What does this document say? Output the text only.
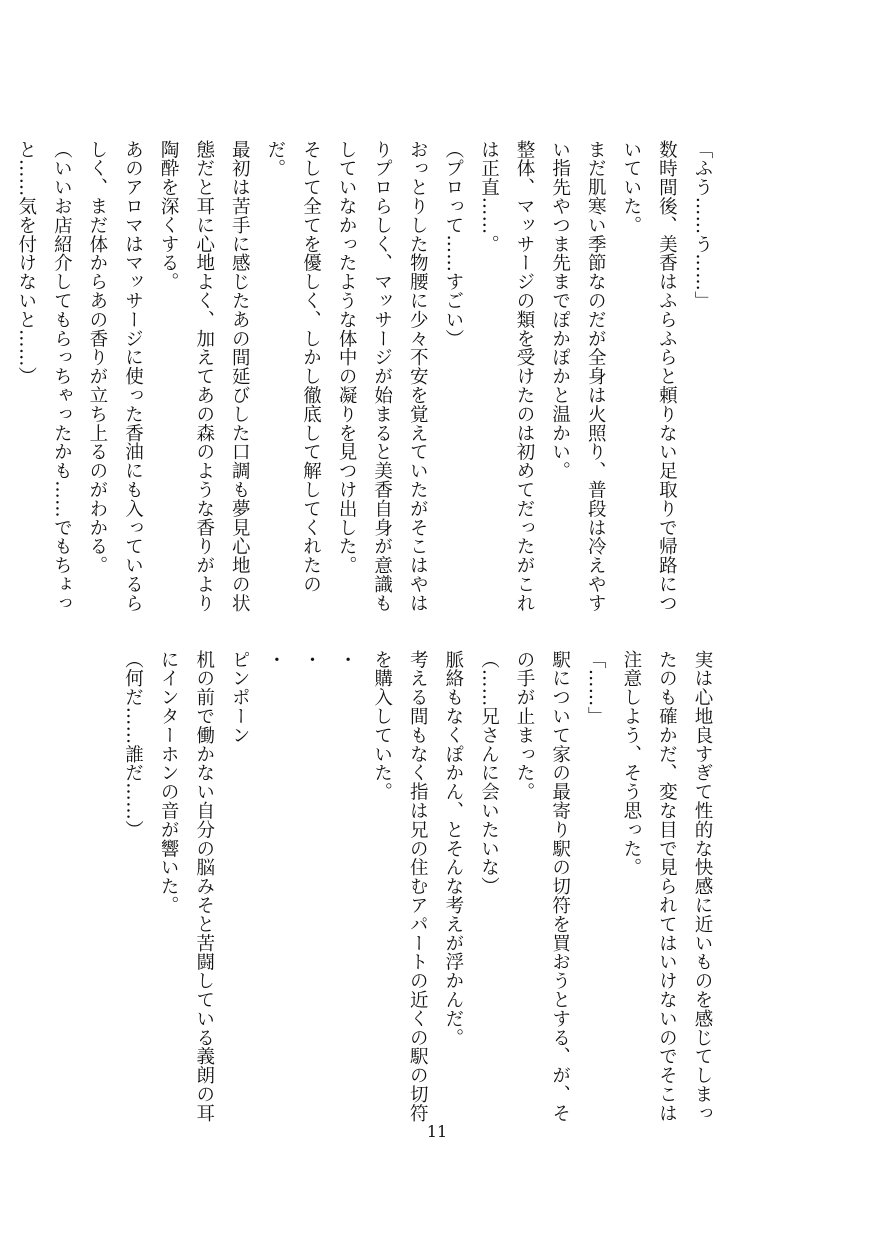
「ふう……う……」

数時間後、美香はふらふらと頼りない足取りで帰路につ

いていた。

まだ肌寒い季節なのだが全身は火照り、普段は冷えやす

い指先やつま先までぽかぽかと温かい。

整体、マッサージの類を受けたのは初めてだったがこれ

は正直……。

（プロって……すごい）

おっとりした物腰に少々不安を覚えていたがそこはやは

りプロらしく、マッサージが始まると美香自身が意識も

していなかったような体中の凝りを見つけ出した。

そして全てを優しく、しかし徹底して解してくれたの

だ。

最初は苦手に感じたあの間延びした口調も夢見心地の状

態だと耳に心地よく、加えてあの森のような香りがより

陶酔を深くする。

あのアロマはマッサージに使った香油にも入っているら

しく、まだ体からあの香りが立ち上るのがわかる。

（いいお店紹介してもらっちゃったかも……でもちょっ

と……気を付けないと……）

実は心地良すぎて性的な快感に近いものを感じてしまっ

たのも確かだ、変な目で見られてはいけないのでそこは

注意しよう、そう思った。

「……」

駅について家の最寄り駅の切符を買おうとする、が、そ

の手が止まった。

（……兄さんに会いたいな）

脈絡もなくぽかん、とそんな考えが浮かんだ。

考える間もなく指は兄の住むアパートの近くの駅の切符

を購入していた。

・

・

・

ピンポーン

机の前で働かない自分の脳みそと苦闘している義朗の耳

にインターホンの音が響いた。

（何だ……誰だ……）

11
